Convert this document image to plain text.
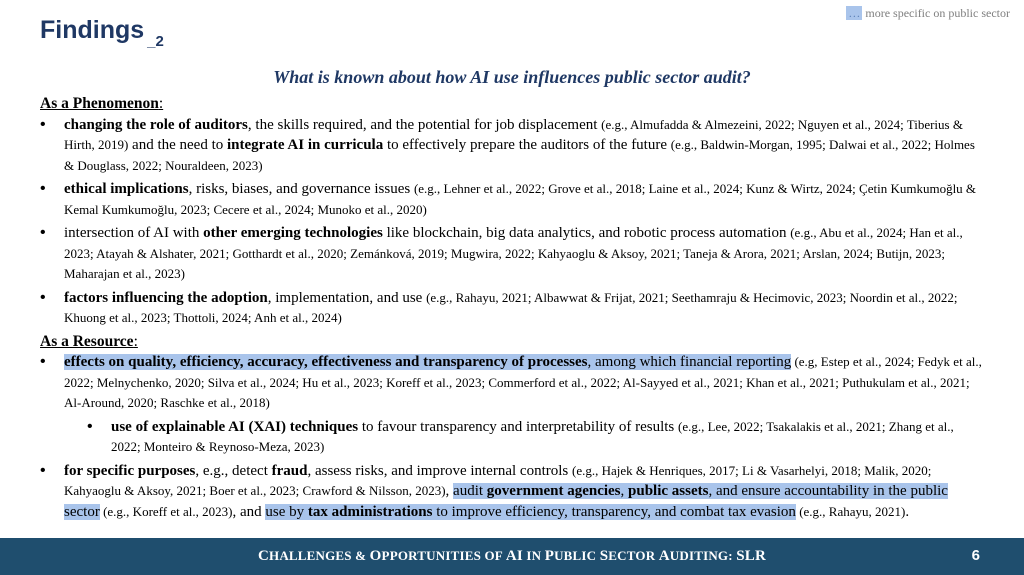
Findings $_{\_2}$
… more specific on public sector
What is known about how AI use influences public sector audit?

As a Phenomenon:

• changing the role of auditors, the skills required, and the potential for job displacement (e.g., Almufadda & Almezeini, 2022; Nguyen et al., 2024; Tiberius & Hirth, 2019) and the need to integrate AI in curricula to effectively prepare the auditors of the future (e.g., Baldwin-Morgan, 1995; Dalwai et al., 2022; Holmes & Douglass, 2022; Nouraldeen, 2023)
• ethical implications, risks, biases, and governance issues (e.g., Lehner et al., 2022; Grove et al., 2018; Laine et al., 2024; Kunz & Wirtz, 2024; Çetin Kumkumoğlu & Kemal Kumkumoğlu, 2023; Cecere et al., 2024; Munoko et al., 2020)
• intersection of AI with other emerging technologies like blockchain, big data analytics, and robotic process automation (e.g., Abu et al., 2024; Han et al., 2023; Atayah & Alshater, 2021; Gotthardt et al., 2020; Zemánková, 2019; Mugwira, 2022; Kahyaoglu & Aksoy, 2021; Taneja & Arora, 2021; Arslan, 2024; Butijn, 2023; Maharajan et al., 2023)
• factors influencing the adoption, implementation, and use (e.g., Rahayu, 2021; Albawwat & Frijat, 2021; Seethamraju & Hecimovic, 2023; Noordin et al., 2022; Khuong et al., 2023; Thottoli, 2024; Anh et al., 2024)

As a Resource:

• effects on quality, efficiency, accuracy, effectiveness and transparency of processes, among which financial reporting (e.g, Estep et al., 2024; Fedyk et al., 2022; Melnychenko, 2020; Silva et al., 2024; Hu et al., 2023; Koreff et al., 2023; Commerford et al., 2022; Al-Sayyed et al., 2021; Khan et al., 2021; Puthukulam et al., 2021; Al-Around, 2020; Raschke et al., 2018)
• use of explainable AI (XAI) techniques to favour transparency and interpretability of results (e.g., Lee, 2022; Tsakalakis et al., 2021; Zhang et al., 2022; Monteiro & Reynoso-Meza, 2023)
• for specific purposes, e.g., detect fraud, assess risks, and improve internal controls (e.g., Hajek & Henriques, 2017; Li & Vasarhelyi, 2018; Malik, 2020; Kahyaoglu & Aksoy, 2021; Boer et al., 2023; Crawford & Nilsson, 2023), audit government agencies, public assets, and ensure accountability in the public sector (e.g., Koreff et al., 2023), and use by tax administrations to improve efficiency, transparency, and combat tax evasion (e.g., Rahayu, 2021).
CHALLENGES & OPPORTUNITIES OF AI IN PUBLIC SECTOR AUDITING: SLR	6
